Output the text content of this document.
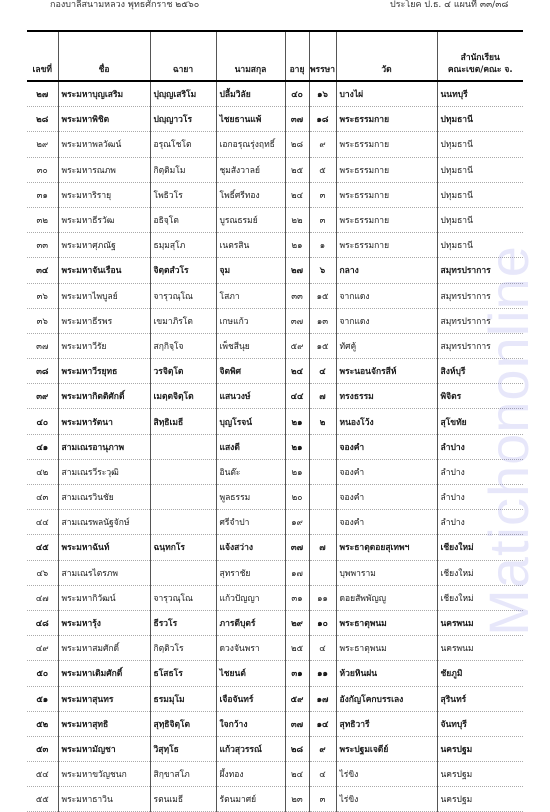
กองบาลีสนามหลวง พุทธศักราช ๒๕๖๐	ประโยค ป.ธ. ๔ แผนที่ ๓๓/๓๘
เลขที่	ชื่อ	ฉายา	นามสกุล	อายุ	พรรษา	วัด	สำนักเรียน
คณะเขต/คณะ จ.

๒๗	พระมหาบุญเสริม	ปุญฺญเสริโม	ปลื้มวิลัย	๔๐	๑๖	บางไผ่	นนทบุรี
๒๘	พระมหาพิชิต	ปญฺญาวโร	ไชยธานแพ้	๓๗	๑๘	พระธรรมกาย	ปทุมธานี
๒๙	พระมหาพลวัฒน์	อรุณโชโต	เอกอรุณรุ่งฤทธิ์	๒๘	๙	พระธรรมกาย	ปทุมธานี
๓๐	พระมหารณภพ	กิตฺติมโม	ชุมสังวาลย์	๒๕	๕	พระธรรมกาย	ปทุมธานี
๓๑	พระมหาริรายุ	โพธิวโร	โพธิ์ศรีทอง	๒๔	๓	พระธรรมกาย	ปทุมธานี
๓๒	พระมหาธีรวัฒ	อธิจฺโต	บูรณธรมย์	๒๒	๓	พระธรรมกาย	ปทุมธานี
๓๓	พระมหาศุภณัฐ	ธมฺมสุโภ	เนตรสิน	๒๑	๑	พระธรรมกาย	ปทุมธานี
๓๔	พระมหาจันเรือน	จิตฺตสํวโร	จุม	๒๗	๖	กลาง	สมุทรปราการ
๓๖	พระมหาไพบูลย์	จารุวณฺโณ	โสภา	๓๓	๑๕	จากแดง	สมุทรปราการ
๓๖	พระมหาธีรพร	เขมาภิรโต	เกษแก้ว	๓๗	๑๓	จากแดง	สมุทรปราการ
๓๗	พระมหาวีรัย	สกฺกิจฺโจ	เพ็ชสีนุย	๕๙	๑๕	ทัศคู้	สมุทรปราการ
๓๘	พระมหาวีรยุทธ	วรจิตฺโต	จิตพิศ	๒๔	๔	พระนอนจักรสีห์	สิงห์บุรี
๓๙	พระมหากิตติศักดิ์	เมตฺตจิตฺโต	แสนวงษ์	๔๔	๗	ทรงธรรม	พิจิตร
๔๐	พระมหารัตนา	สิทฺธิเมธี	บุญโรจน์	๒๑	๒	หนองโว้ง	สุโขทัย
๔๑	สามเณรอานุภาพ		แสงดี	๒๑		จองคำ	ลำปาง
๔๒	สามเณรวีระวุฒิ		อินต๊ะ	๒๑		จองคำ	ลำปาง
๔๓	สามเณรวินชัย		พูลธรรม	๒๐		จองคำ	ลำปาง
๔๔	สามเณรพลนัฐจักษ์		ศรีจำปา	๑๙		จองคำ	ลำปาง
๔๕	พระมหาฉันท์	ฉนฺทกโร	แจ้งสว่าง	๓๗	๗	พระธาตุดอยสุเทพฯ	เชียงใหม่
๔๖	สามเณรไตรภพ		สุทราชัย	๑๗		บุพพาราม	เชียงใหม่
๔๗	พระมหากิวัฒน์	จารุวณฺโณ	แก้วปัญญา	๓๑	๑๑	ดอยสัพพัญญู	เชียงใหม่
๔๘	พระมหารุ้ง	ธีรวโร	ภารดีบุตร์	๒๙	๑๐	พระธาตุพนม	นครพนม
๔๙	พระมหาสมศักดิ์	กิตฺติวโร	ดวงจันพรา	๒๕	๔	พระธาตุพนม	นครพนม
๕๐	พระมหาเดิมศักดิ์	ธโสธโร	ไชยนต์	๓๑	๑๑	ห้วยหินฝน	ชัยภูมิ
๕๑	พระมหาสุนทร	ธรมมุโม	เจือจันทร์	๕๙	๑๗	อังกัญโคกบรรเลง	สุรินทร์
๕๒	พระมหาสุทธิ	สุทฺธิจิตฺโต	ใจกว้าง	๓๗	๑๔	สุทธิวารี	จันทบุรี
๕๓	พระมหามัญชา	วิสุทฺโธ	แก้วสุวรรณ์	๒๘	๙	พระปฐมเจดีย์	นครปฐม
๕๔	พระมหาขวัญชนก	สิกฺขาสโภ	ผึ้งทอง	๒๔	๔	ไร่ขิง	นครปฐม
๕๕	พระมหาธาวิน	รตนเมธี	รัตนมาศย์	๒๓	๓	ไร่ขิง	นครปฐม
Matichononline
